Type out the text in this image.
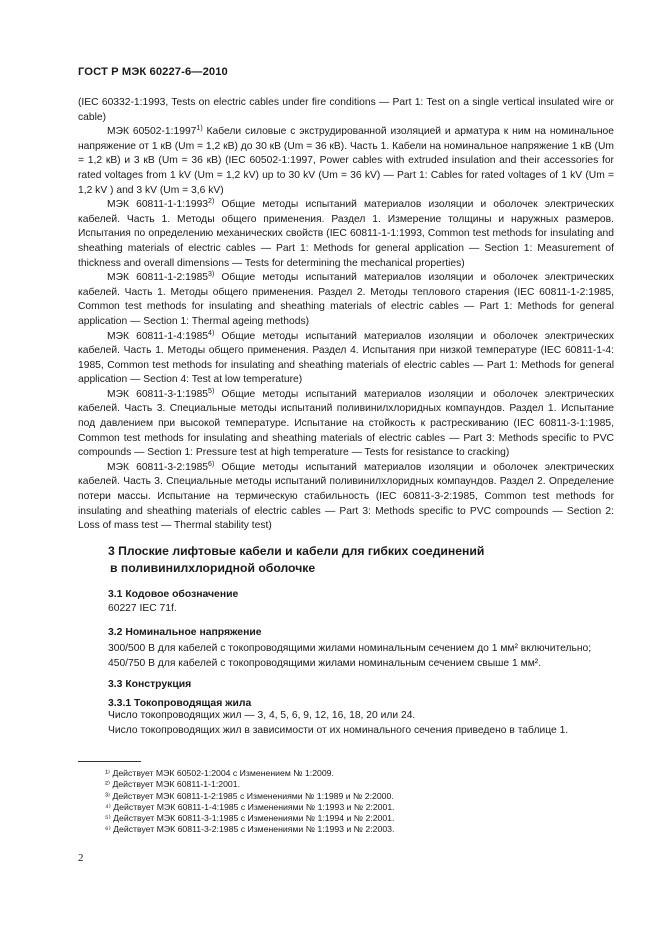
ГОСТ Р МЭК 60227-6—2010

(IEC 60332-1:1993, Tests on electric cables under fire conditions — Part 1: Test on a single vertical insulated wire or cable)

МЭК 60502-1:1997$^{1)}$ Кабели силовые с экструдированной изоляцией и арматура к ним на номинальное напряжение от 1 кВ (Um = 1,2 кВ) до 30 кВ (Um = 36 кВ). Часть 1. Кабели на номинальное напряжение 1 кВ (Um = 1,2 кВ) и 3 кВ (Um = 36 кВ) (IEC 60502-1:1997, Power cables with extruded insulation and their accessories for rated voltages from 1 kV (Um = 1,2 kV) up to 30 kV (Um = 36 kV) — Part 1: Cables for rated voltages of 1 kV (Um = 1,2 kV ) and 3 kV (Um = 3,6 kV)

МЭК 60811-1-1:1993$^{2)}$ Общие методы испытаний материалов изоляции и оболочек электрических кабелей. Часть 1. Методы общего применения. Раздел 1. Измерение толщины и наружных размеров. Испытания по определению механических свойств (IEC 60811-1-1:1993, Common test methods for insulating and sheathing materials of electric cables — Part 1: Methods for general application — Section 1: Measurement of thickness and overall dimensions — Tests for determining the mechanical properties)

МЭК 60811-1-2:1985$^{3)}$ Общие методы испытаний материалов изоляции и оболочек электрических кабелей. Часть 1. Методы общего применения. Раздел 2. Методы теплового старения (IEC 60811-1-2:1985, Common test methods for insulating and sheathing materials of electric cables — Part 1: Methods for general application — Section 1: Thermal ageing methods)

МЭК 60811-1-4:1985$^{4)}$ Общие методы испытаний материалов изоляции и оболочек электрических кабелей. Часть 1. Методы общего применения. Раздел 4. Испытания при низкой температуре (IEC 60811-1-4: 1985, Common test methods for insulating and sheathing materials of electric cables — Part 1: Methods for general application — Section 4: Test at low temperature)

МЭК 60811-3-1:1985$^{5)}$ Общие методы испытаний материалов изоляции и оболочек электрических кабелей. Часть 3. Специальные методы испытаний поливинилхлоридных компаундов. Раздел 1. Испытание под давлением при высокой температуре. Испытание на стойкость к растрескиванию (IEC 60811-3-1:1985, Common test methods for insulating and sheathing materials of electric cables — Part 3: Methods specific to PVC compounds — Section 1: Pressure test at high temperature — Tests for resistance to cracking)

МЭК 60811-3-2:1985$^{6)}$ Общие методы испытаний материалов изоляции и оболочек электрических кабелей. Часть 3. Специальные методы испытаний поливинилхлоридных компаундов. Раздел 2. Определение потери массы. Испытание на термическую стабильность (IEC 60811-3-2:1985, Common test methods for insulating and sheathing materials of electric cables — Part 3: Methods specific to PVC compounds — Section 2: Loss of mass test — Thermal stability test)

3 Плоские лифтовые кабели и кабели для гибких соединений

в поливинилхлоридной оболочке

3.1 Кодовое обозначение

60227 IEC 71f.

3.2 Номинальное напряжение

300/500 В для кабелей с токопроводящими жилами номинальным сечением до 1 мм² включительно;

450/750 В для кабелей с токопроводящими жилами номинальным сечением свыше 1 мм².

3.3 Конструкция

3.3.1 Токопроводящая жила

Число токопроводящих жил — 3, 4, 5, 6, 9, 12, 16, 18, 20 или 24.

Число токопроводящих жил в зависимости от их номинального сечения приведено в таблице 1.

¹⁾ Действует МЭК 60502-1:2004 с Изменением № 1:2009.

²⁾ Действует МЭК 60811-1-1:2001.

³⁾ Действует МЭК 60811-1-2:1985 с Изменениями № 1:1989 и № 2:2000.

⁴⁾ Действует МЭК 60811-1-4:1985 с Изменениями № 1:1993 и № 2:2001.

⁵⁾ Действует МЭК 60811-3-1:1985 с Изменениями № 1:1994 и № 2:2001.

⁶⁾ Действует МЭК 60811-3-2:1985 с Изменениями № 1:1993 и № 2:2003.

2
